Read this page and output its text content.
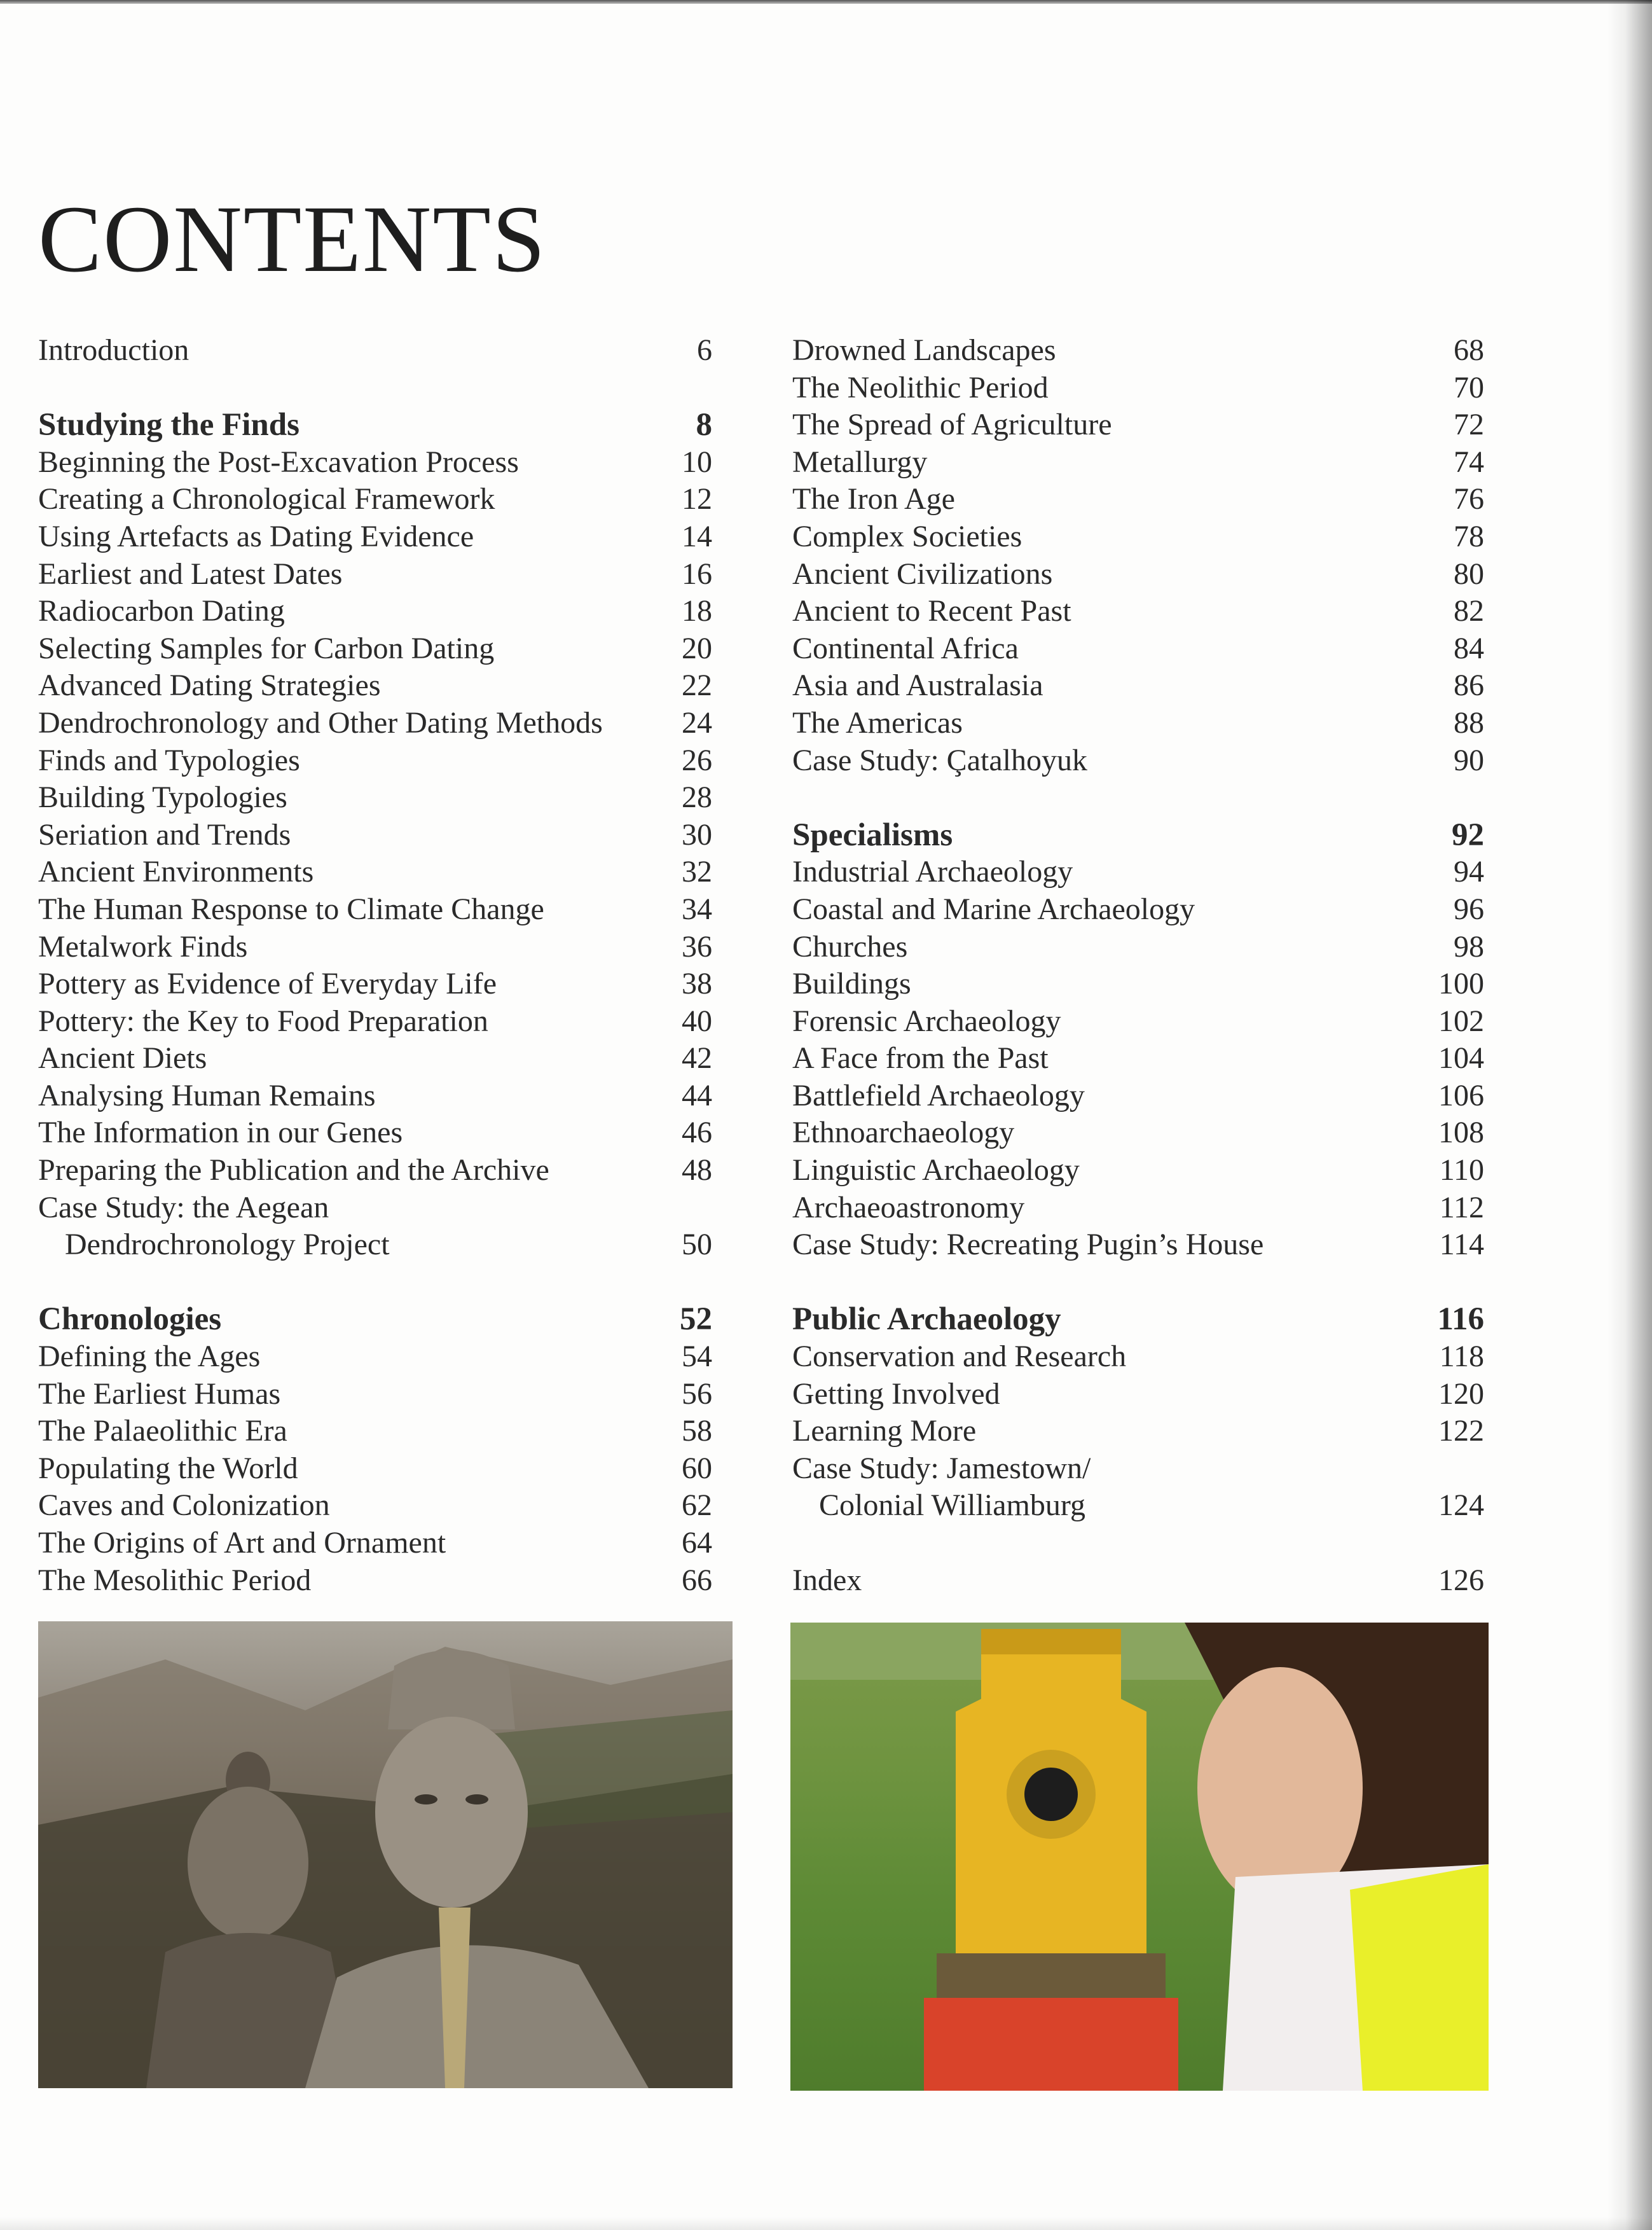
CONTENTS
Introduction	6
Studying the Finds	8
Beginning the Post-Excavation Process	10
Creating a Chronological Framework	12
Using Artefacts as Dating Evidence	14
Earliest and Latest Dates	16
Radiocarbon Dating	18
Selecting Samples for Carbon Dating	20
Advanced Dating Strategies	22
Dendrochronology and Other Dating Methods	24
Finds and Typologies	26
Building Typologies	28
Seriation and Trends	30
Ancient Environments	32
The Human Response to Climate Change	34
Metalwork Finds	36
Pottery as Evidence of Everyday Life	38
Pottery: the Key to Food Preparation	40
Ancient Diets	42
Analysing Human Remains	44
The Information in our Genes	46
Preparing the Publication and the Archive	48
Case Study: the Aegean
Dendrochronology Project	50
Chronologies	52
Defining the Ages	54
The Earliest Humas	56
The Palaeolithic Era	58
Populating the World	60
Caves and Colonization	62
The Origins of Art and Ornament	64
The Mesolithic Period	66
Drowned Landscapes	68
The Neolithic Period	70
The Spread of Agriculture	72
Metallurgy	74
The Iron Age	76
Complex Societies	78
Ancient Civilizations	80
Ancient to Recent Past	82
Continental Africa	84
Asia and Australasia	86
The Americas	88
Case Study: Çatalhoyuk	90
Specialisms	92
Industrial Archaeology	94
Coastal and Marine Archaeology	96
Churches	98
Buildings	100
Forensic Archaeology	102
A Face from the Past	104
Battlefield Archaeology	106
Ethnoarchaeology	108
Linguistic Archaeology	110
Archaeoastronomy	112
Case Study: Recreating Pugin’s House	114
Public Archaeology	116
Conservation and Research	118
Getting Involved	120
Learning More	122
Case Study: Jamestown/
Colonial Williamburg	124
Index	126
